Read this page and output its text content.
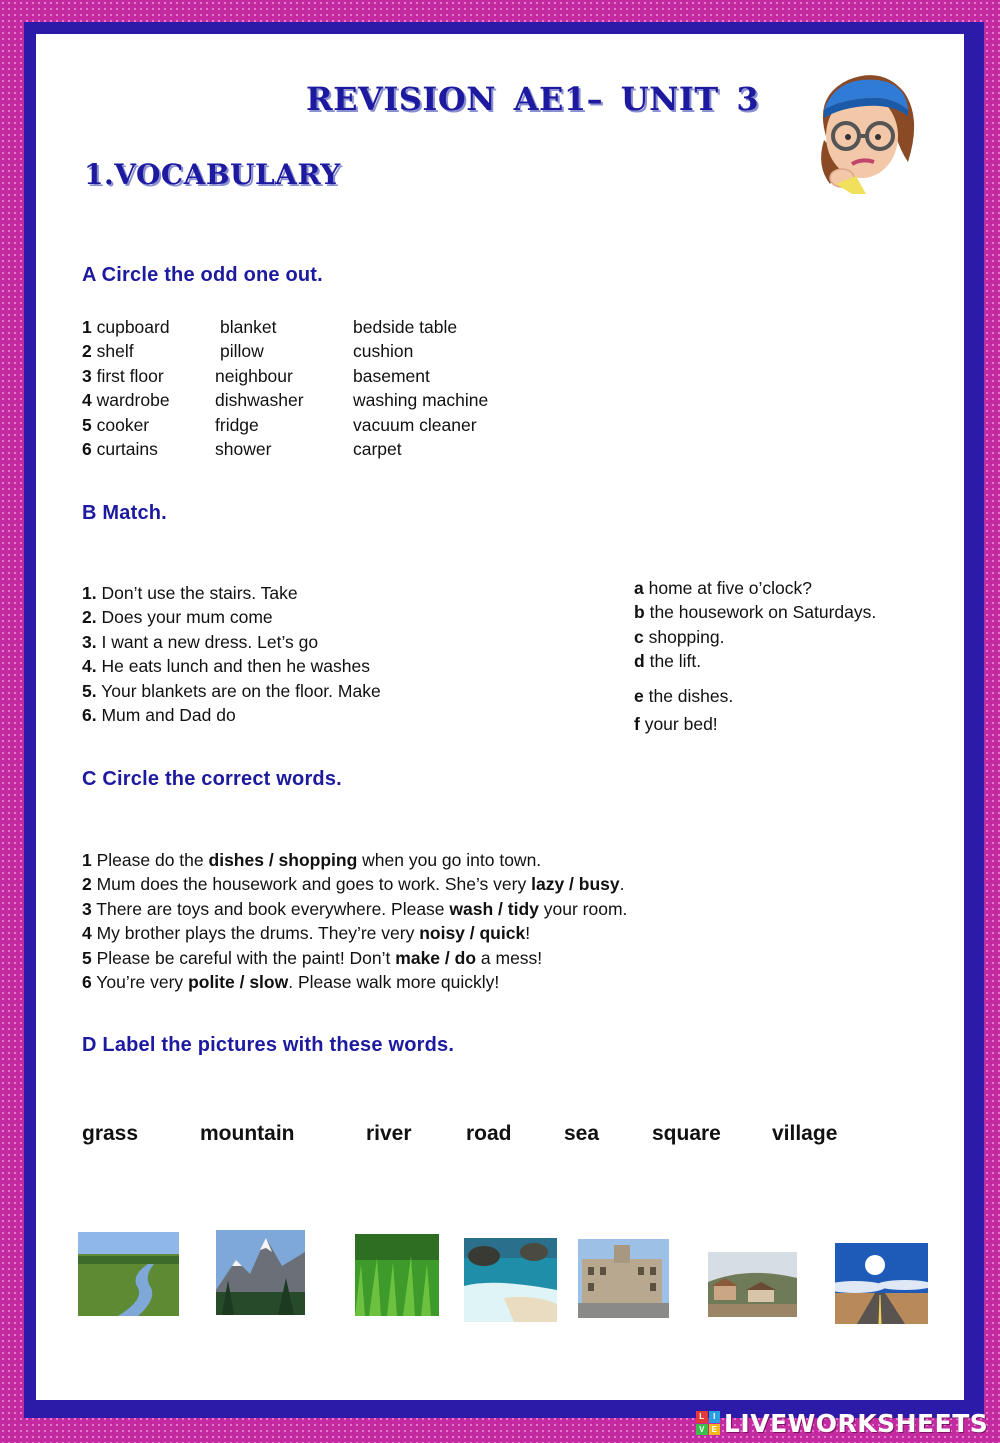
REVISION AE1– UNIT 3
1.VOCABULARY
A Circle the odd one out.
1 cupboard	blanket	bedside table
2 shelf	pillow	cushion
3 first floor	neighbour	basement
4 wardrobe	dishwasher	washing machine
5 cooker	fridge	vacuum cleaner
6 curtains	shower	carpet
B Match.
1. Don’t use the stairs. Take
2. Does your mum come
3. I want a new dress. Let’s go
4. He eats lunch and then he washes
5. Your blankets are on the floor. Make
6. Mum and Dad do
a home at five o’clock?
b the housework on Saturdays.
c shopping.
d the lift.
e the dishes.
f your bed!
C Circle the correct words.
1 Please do the dishes / shopping when you go into town.
2 Mum does the housework and goes to work. She’s very lazy / busy.
3 There are toys and book everywhere. Please wash / tidy your room.
4 My brother plays the drums. They’re very noisy / quick!
5 Please be careful with the paint! Don’t make / do a mess!
6 You’re very polite / slow. Please walk more quickly!
D Label the pictures with these words.
grass	mountain	river	road sea	square village
L	I
V E LIVEWORKSHEETS
